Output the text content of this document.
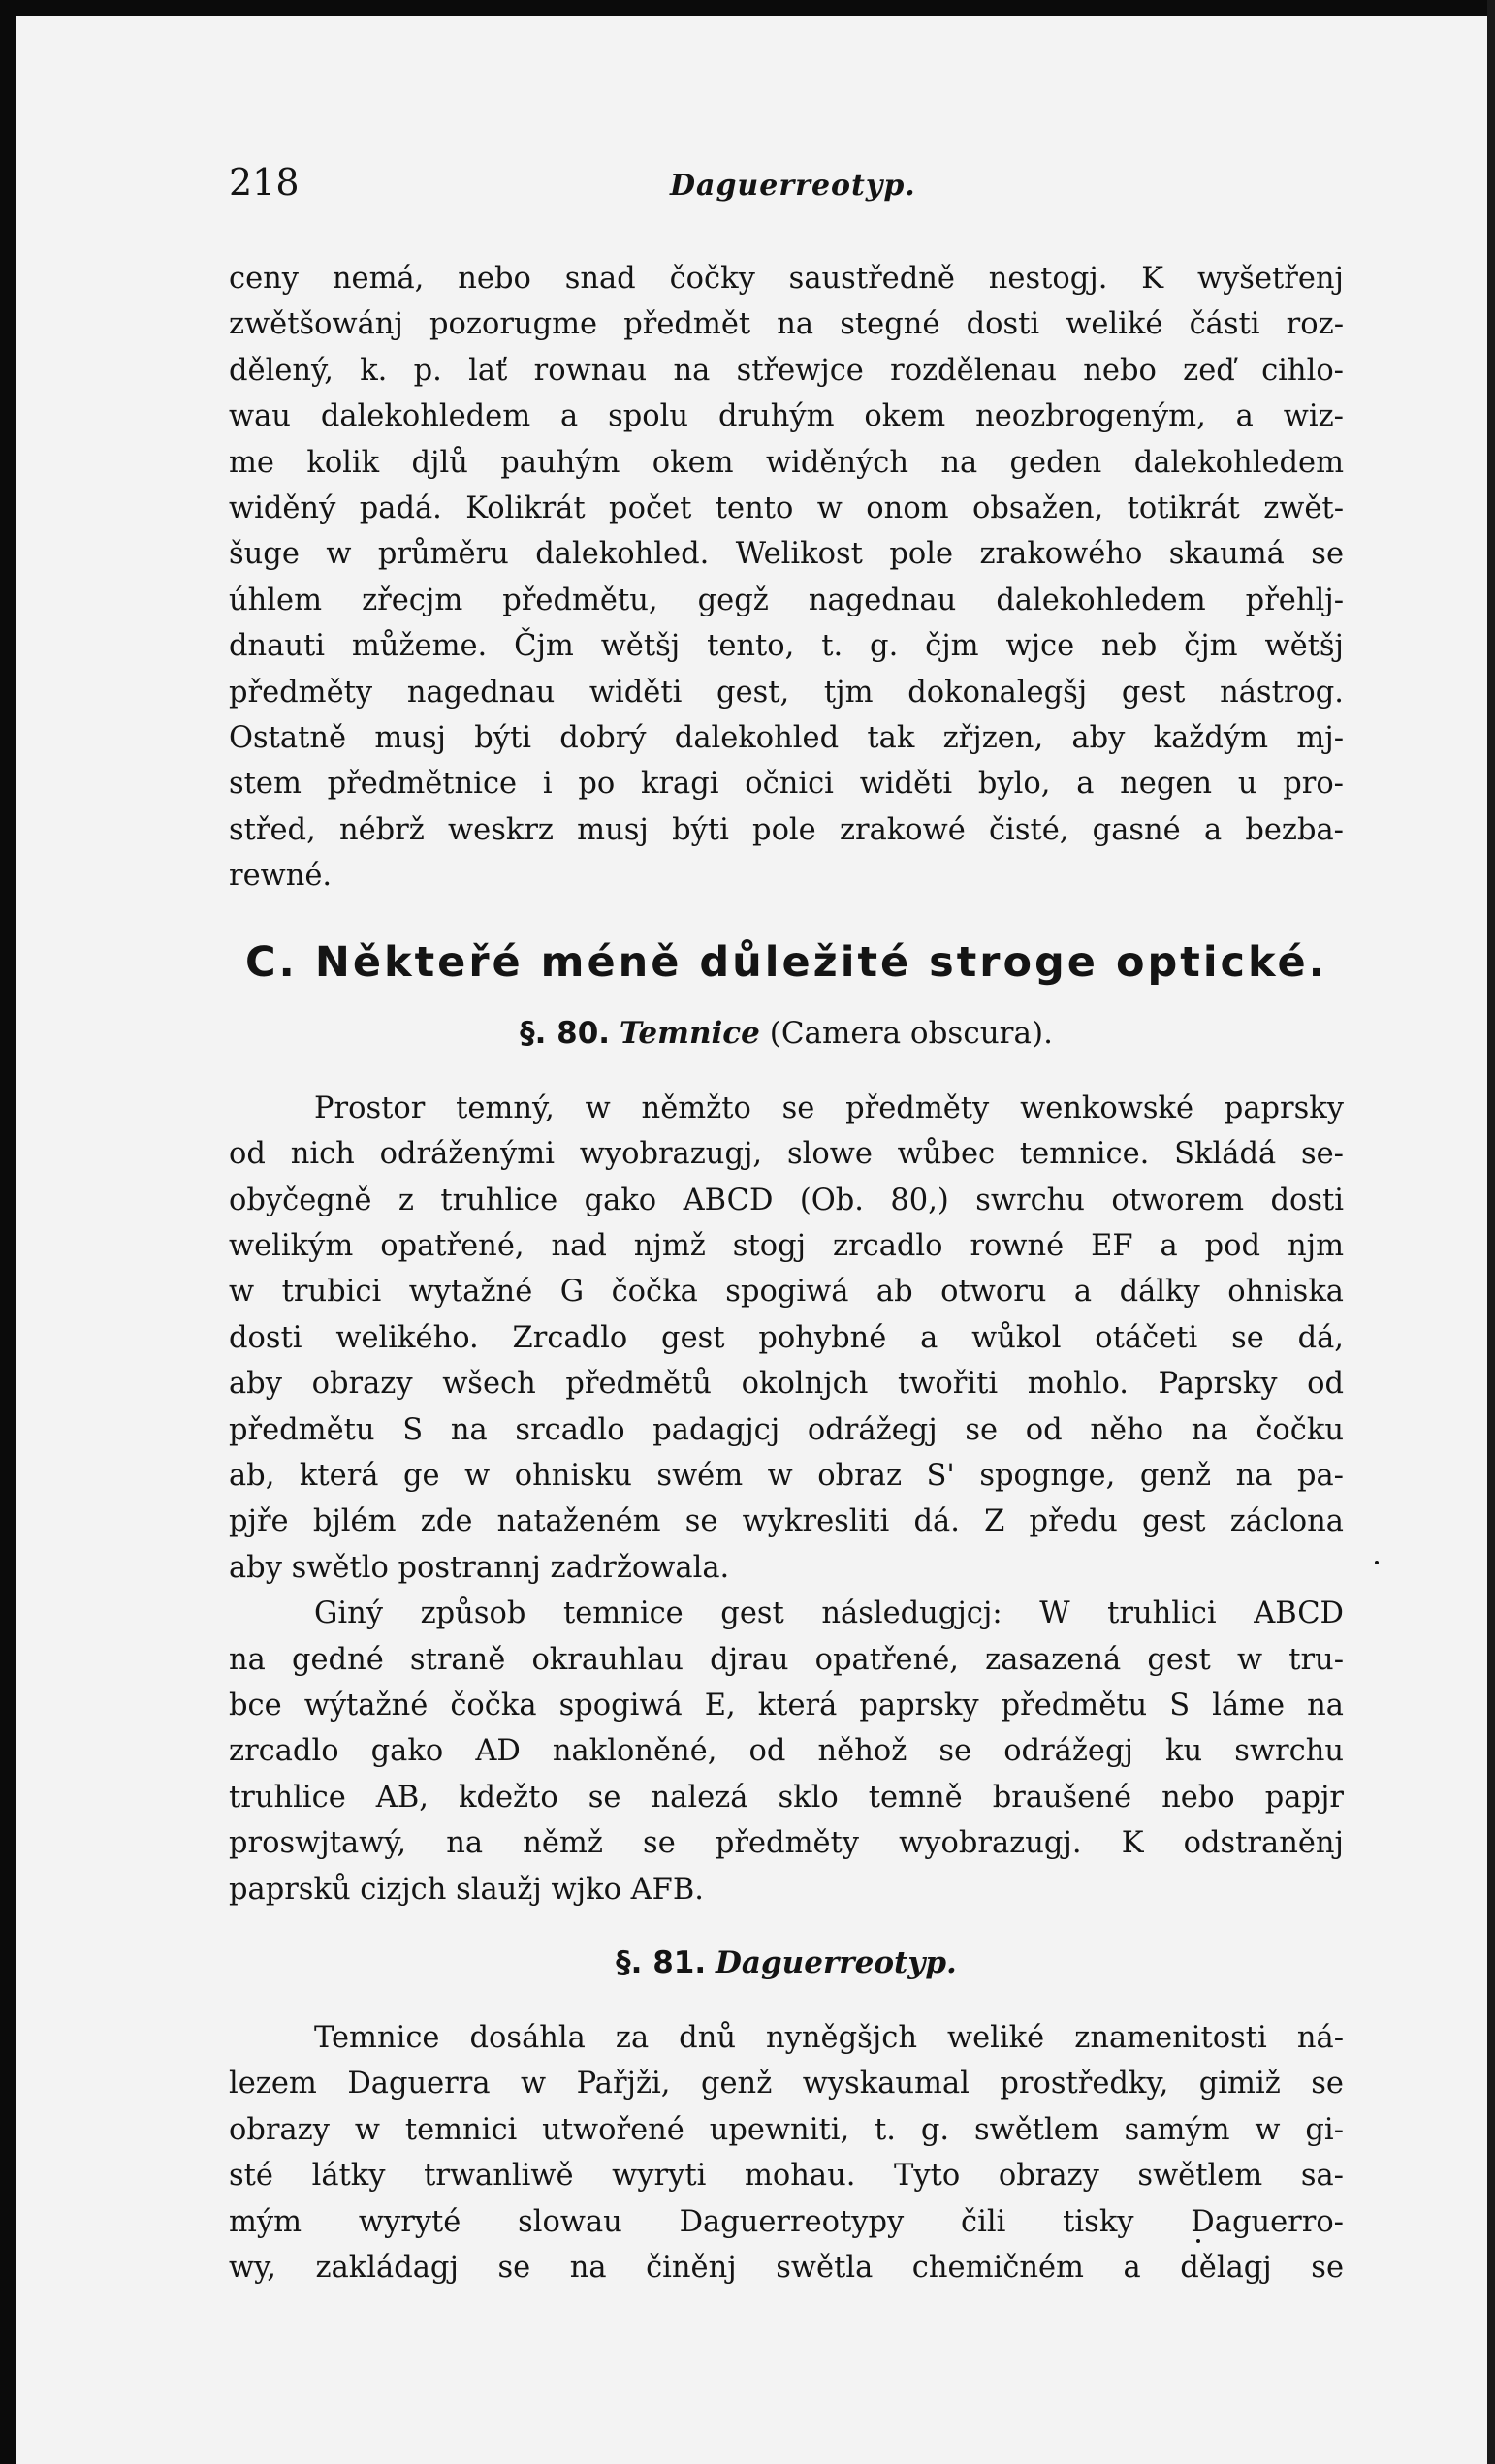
218	Daguerreotyp.

ceny nemá, nebo snad čočky saustředně nestogj. K wyšetřenj

zwětšowánj pozorugme předmět na stegné dosti weliké části roz-

dělený, k. p. lať rownau na střewjce rozdělenau nebo zeď cihlo-

wau dalekohledem a spolu druhým okem neozbrogeným, a wiz-

me kolik djlů pauhým okem widěných na geden dalekohledem

widěný padá. Kolikrát počet tento w onom obsažen, totikrát zwět-

šuge w průměru dalekohled. Welikost pole zrakowého skaumá se

úhlem zřecjm předmětu, gegž nagednau dalekohledem přehlj-

dnauti můžeme. Čjm wětšj tento, t. g. čjm wjce neb čjm wětšj

předměty nagednau widěti gest, tjm dokonalegšj gest nástrog.

Ostatně musj býti dobrý dalekohled tak zřjzen, aby každým mj-

stem předmětnice i po kragi očnici widěti bylo, a negen u pro-

střed, nébrž weskrz musj býti pole zrakowé čisté, gasné a bezba-

rewné.

C. Někteřé méně důležité stroge optické.
§. 80. Temnice (Camera obscura).

Prostor temný, w němžto se předměty wenkowské paprsky

od nich odráženými wyobrazugj, slowe wůbec temnice. Skládá se-

obyčegně z truhlice gako ABCD (Ob. 80,) swrchu otworem dosti

welikým opatřené, nad njmž stogj zrcadlo rowné EF a pod njm

w trubici wytažné G čočka spogiwá ab otworu a dálky ohniska

dosti welikého. Zrcadlo gest pohybné a wůkol otáčeti se dá,

aby obrazy wšech předmětů okolnjch twořiti mohlo. Paprsky od

předmětu S na srcadlo padagjcj odrážegj se od něho na čočku

ab, která ge w ohnisku swém w obraz S' spognge, genž na pa-

pjře bjlém zde nataženém se wykresliti dá. Z předu gest záclona

aby swětlo postrannj zadržowala.

Giný způsob temnice gest následugjcj: W truhlici ABCD

na gedné straně okrauhlau djrau opatřené, zasazená gest w tru-

bce wýtažné čočka spogiwá E, která paprsky předmětu S láme na

zrcadlo gako AD nakloněné, od něhož se odrážegj ku swrchu

truhlice AB, kdežto se nalezá sklo temně braušené nebo papjr

proswjtawý, na němž se předměty wyobrazugj. K odstraněnj

paprsků cizjch slaužj wjko AFB.

§. 81. Daguerreotyp.

Temnice dosáhla za dnů nyněgšjch weliké znamenitosti ná-

lezem Daguerra w Pařjži, genž wyskaumal prostředky, gimiž se

obrazy w temnici utwořené upewniti, t. g. swětlem samým w gi-

sté látky trwanliwě wyryti mohau. Tyto obrazy swětlem sa-

mým wyryté slowau Daguerreotypy čili tisky Daguerro-

wy, zakládagj se na činěnj swětla chemičném a dělagj se
